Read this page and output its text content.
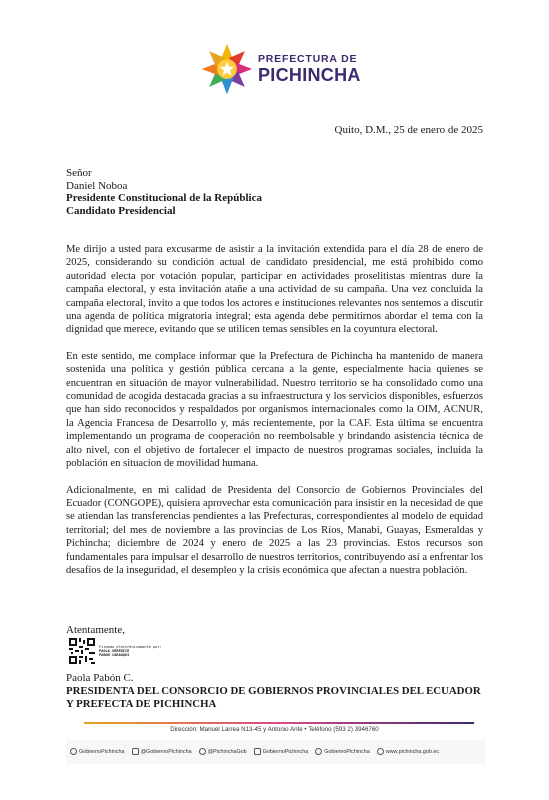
PREFECTURA DE
PICHINCHA
Quito, D.M., 25 de enero de 2025
Señor
Daniel Noboa
Presidente Constitucional de la República
Candidato Presidencial

Me dirijo a usted para excusarme de asistir a la invitación extendida para el día 28 de enero de 2025, considerando su condición actual de candidato presidencial, me está prohibido como autoridad electa por votación popular, participar en actividades proselitistas mientras dure la campaña electoral, y esta invitación atañe a una actividad de su campaña. Una vez concluida la campaña electoral, invito a que todos los actores e instituciones relevantes nos sentemos a discutir una agenda de política migratoria integral; esta agenda debe permitirnos abordar el tema con la dignidad que merece, evitando que se utilicen temas sensibles en la coyuntura electoral.

En este sentido, me complace informar que la Prefectura de Pichincha ha mantenido de manera sostenida una política y gestión pública cercana a la gente, especialmente hacia quienes se encuentran en situación de mayor vulnerabilidad. Nuestro territorio se ha consolidado como una comunidad de acogida destacada gracias a su infraestructura y los servicios disponibles, esfuerzos que han sido reconocidos y respaldados por organismos internacionales como la OIM, ACNUR, la Agencia Francesa de Desarrollo y, más recientemente, por la CAF. Esta última se encuentra implementando un programa de cooperación no reembolsable y brindando asistencia técnica de alto nivel, con el objetivo de fortalecer el impacto de nuestros programas sociales, incluida la población en situacion de movilidad humana.

Adicionalmente, en mi calidad de Presidenta del Consorcio de Gobiernos Provinciales del Ecuador (CONGOPE), quisiera aprovechar esta comunicación para insistir en la necesidad de que se atiendan las transferencias pendientes a las Prefecturas, correspondientes al modelo de equidad territorial; del mes de noviembre a las provincias de Los Ríos, Manabí, Guayas, Esmeraldas y Pichincha; diciembre de 2024 y enero de 2025 a las 23 provincias. Estos recursos son fundamentales para impulsar el desarrollo de nuestros territorios, contribuyendo así a enfrentar los desafíos de la inseguridad, el desempleo y la crisis económica que afectan a nuestra población.

Atentamente,
Firmado electrónicamente por:
PAOLA VERENICE
PABON CARANQUI
Paola Pabón C.
PRESIDENTA DEL CONSORCIO DE GOBIERNOS PROVINCIALES DEL ECUADOR
Y PREFECTA DE PICHINCHA
Dirección: Manuel Larrea N13-45 y Antonio Ante • Teléfono (593 2) 3946760
GobiernoPichincha	@GobiernoPichincha	@PichinchaGob	GobiernoPichincha	GobiernoPichincha	www.pichincha.gob.ec
